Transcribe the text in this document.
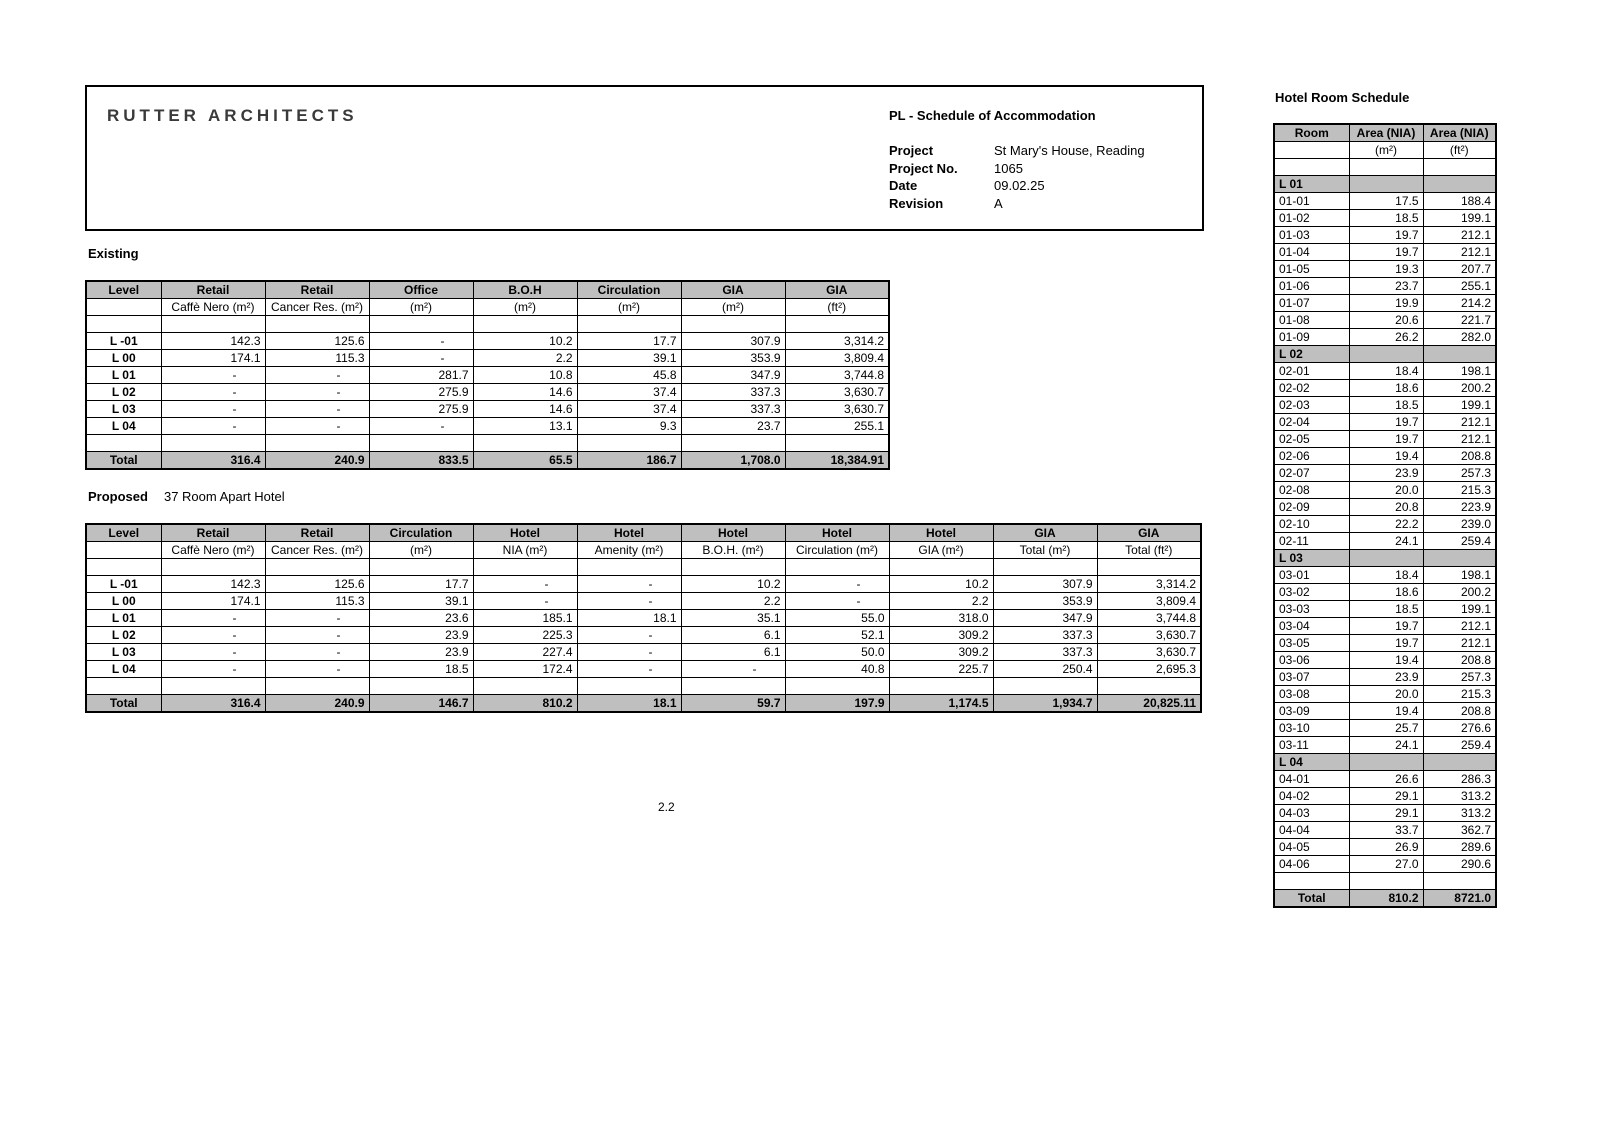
RUTTER ARCHITECTS	PL - Schedule of Accommodation
Project	St Mary's House, Reading
Project No.	1065
Date	09.02.25
Revision	A
Existing
Level	Retail	Retail	Office	B.O.H	Circulation	GIA	GIA
	Caffè Nero (m²)	Cancer Res. (m²)	(m²)	(m²)	(m²)	(m²)	(ft²)

L -01	142.3	125.6	-	10.2	17.7	307.9	3,314.2
L 00	174.1	115.3	-	2.2	39.1	353.9	3,809.4
L 01	-	-	281.7	10.8	45.8	347.9	3,744.8
L 02	-	-	275.9	14.6	37.4	337.3	3,630.7
L 03	-	-	275.9	14.6	37.4	337.3	3,630.7
L 04	-	-	-	13.1	9.3	23.7	255.1

Total	316.4	240.9	833.5	65.5	186.7	1,708.0	18,384.91
Proposed 37 Room Apart Hotel
Level	Retail	Retail	Circulation	Hotel	Hotel	Hotel	Hotel	Hotel	GIA	GIA
	Caffè Nero (m²)	Cancer Res. (m²)	(m²)	NIA (m²)	Amenity (m²)	B.O.H. (m²)	Circulation (m²)	GIA (m²)	Total (m²)	Total (ft²)

L -01	142.3	125.6	17.7	-	-	10.2	-	10.2	307.9	3,314.2
L 00	174.1	115.3	39.1	-	-	2.2	-	2.2	353.9	3,809.4
L 01	-	-	23.6	185.1	18.1	35.1	55.0	318.0	347.9	3,744.8
L 02	-	-	23.9	225.3	-	6.1	52.1	309.2	337.3	3,630.7
L 03	-	-	23.9	227.4	-	6.1	50.0	309.2	337.3	3,630.7
L 04	-	-	18.5	172.4	-	-	40.8	225.7	250.4	2,695.3

Total	316.4	240.9	146.7	810.2	18.1	59.7	197.9	1,174.5	1,934.7	20,825.11
2.2
Hotel Room Schedule
Room	Area (NIA)	Area (NIA)
	(m²)	(ft²)

L 01		
01-01	17.5	188.4
01-02	18.5	199.1
01-03	19.7	212.1
01-04	19.7	212.1
01-05	19.3	207.7
01-06	23.7	255.1
01-07	19.9	214.2
01-08	20.6	221.7
01-09	26.2	282.0
L 02		
02-01	18.4	198.1
02-02	18.6	200.2
02-03	18.5	199.1
02-04	19.7	212.1
02-05	19.7	212.1
02-06	19.4	208.8
02-07	23.9	257.3
02-08	20.0	215.3
02-09	20.8	223.9
02-10	22.2	239.0
02-11	24.1	259.4
L 03		
03-01	18.4	198.1
03-02	18.6	200.2
03-03	18.5	199.1
03-04	19.7	212.1
03-05	19.7	212.1
03-06	19.4	208.8
03-07	23.9	257.3
03-08	20.0	215.3
03-09	19.4	208.8
03-10	25.7	276.6
03-11	24.1	259.4
L 04		
04-01	26.6	286.3
04-02	29.1	313.2
04-03	29.1	313.2
04-04	33.7	362.7
04-05	26.9	289.6
04-06	27.0	290.6

Total	810.2	8721.0
